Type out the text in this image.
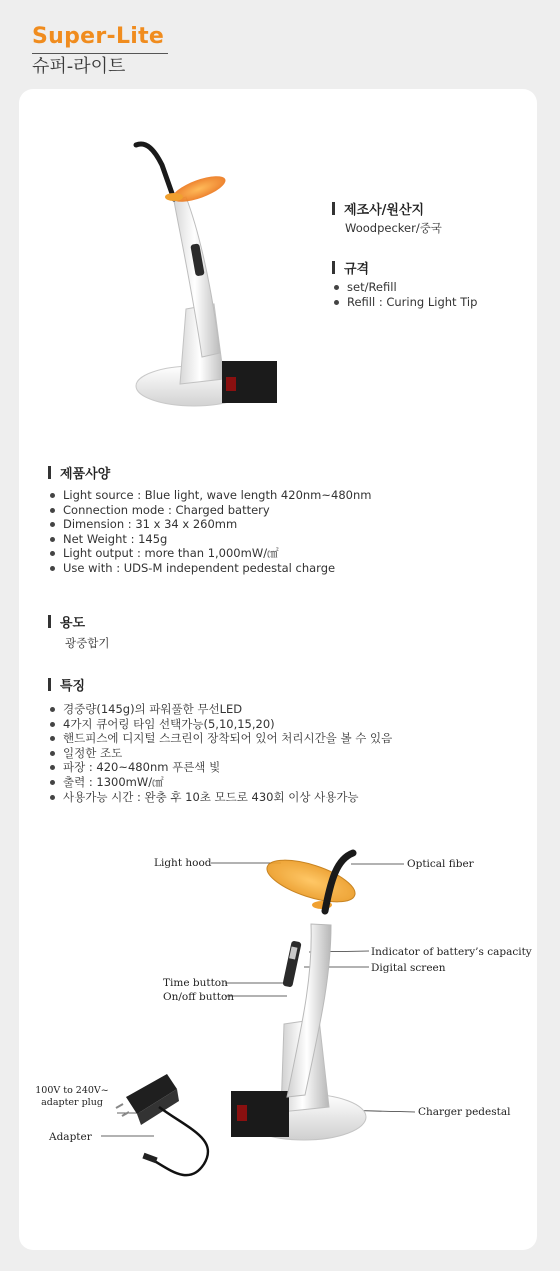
Super-Lite
슈퍼-라이트
제조사/원산지
Woodpecker/중국
규격
set/Refill
Refill : Curing Light Tip
제품사양
Light source : Blue light, wave length 420nm~480nm
Connection mode : Charged battery
Dimension : 31 x 34 x 260mm
Net Weight : 145g
Light output : more than 1,000mW/㎠
Use with : UDS-M independent pedestal charge
용도
광중합기
특징
경중량(145g)의 파워풀한 무선LED
4가지 큐어링 타임 선택가능(5,10,15,20)
핸드피스에 디지털 스크린이 장착되어 있어 처리시간을 볼 수 있음
일정한 조도
파장 : 420~480nm 푸른색 빛
출력 : 1300mW/㎠
사용가능 시간 : 완충 후 10초 모드로 430회 이상 사용가능
Light hood	Optical fiber
Indicator of battery’s capacity
Digital screen
Time button
On/off button
100V to 240V~
adapter plug
Adapter
Charger pedestal
